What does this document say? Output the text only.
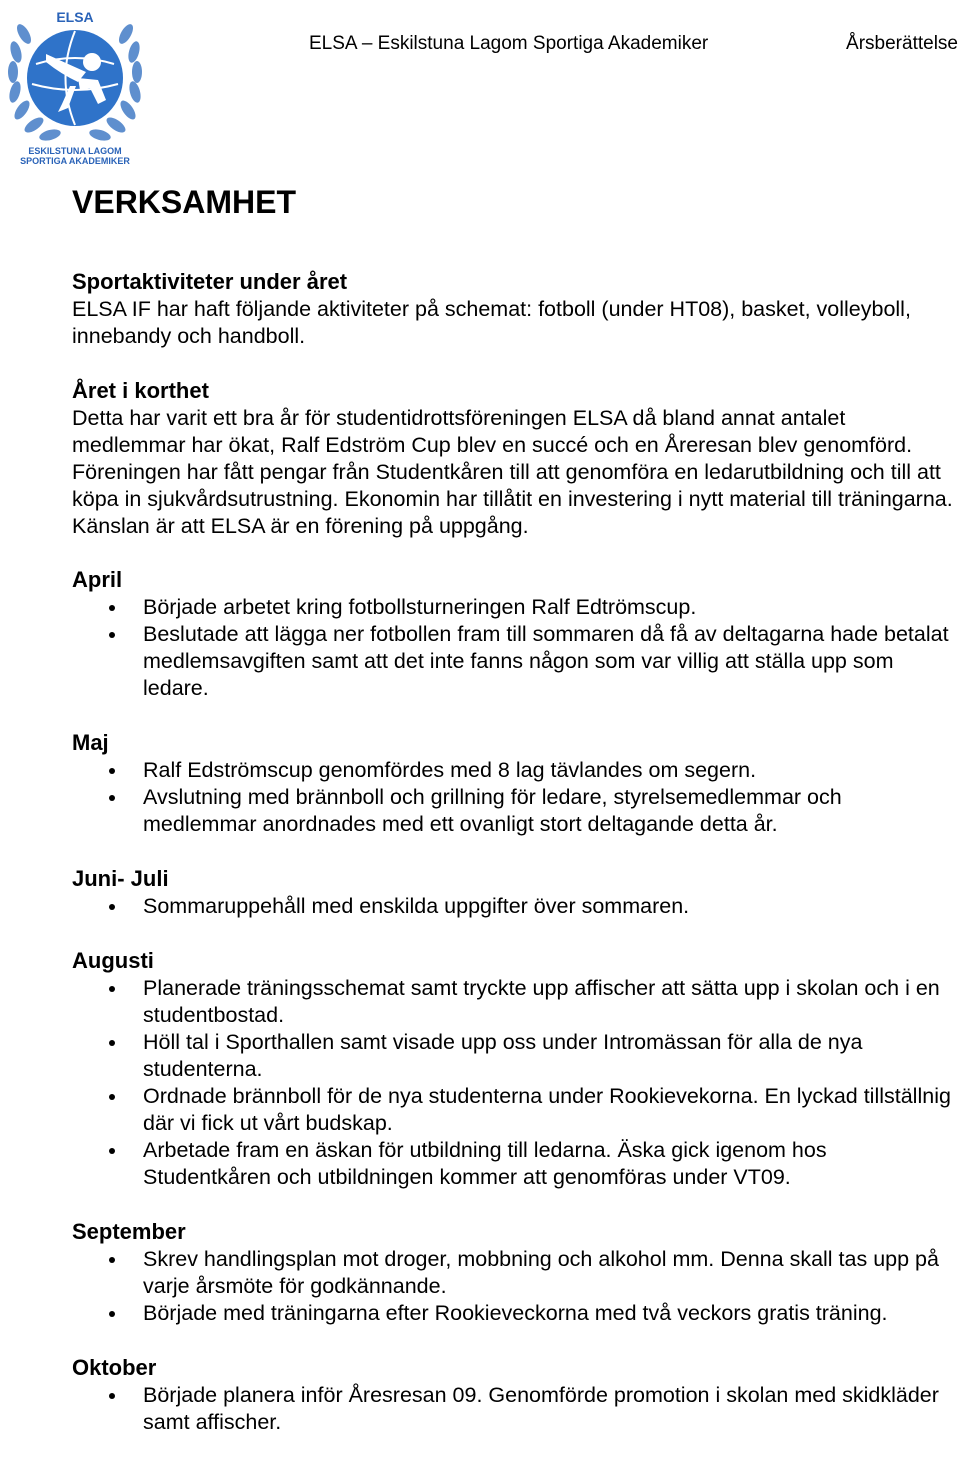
ELSA
ESKILSTUNA LAGOM
SPORTIGA AKADEMIKER
ELSA – Eskilstuna Lagom Sportiga Akademiker	Årsberättelse
VERKSAMHET
Sportaktiviteter under året

ELSA IF har haft följande aktiviteter på schemat: fotboll (under HT08), basket, volleyboll, innebandy och handboll.

Året i korthet

Detta har varit ett bra år för studentidrottsföreningen ELSA då bland annat antalet medlemmar har ökat, Ralf Edström Cup blev en succé och en Åreresan blev genomförd. Föreningen har fått pengar från Studentkåren till att genomföra en ledarutbildning och till att köpa in sjukvårdsutrustning. Ekonomin har tillåtit en investering i nytt material till träningarna. Känslan är att ELSA är en förening på uppgång.

April
Började arbetet kring fotbollsturneringen Ralf Edtrömscup.
Beslutade att lägga ner fotbollen fram till sommaren då få av deltagarna hade betalat medlemsavgiften samt att det inte fanns någon som var villig att ställa upp som ledare.
Maj
Ralf Edströmscup genomfördes med 8 lag tävlandes om segern.
Avslutning med brännboll och grillning för ledare, styrelsemedlemmar och medlemmar anordnades med ett ovanligt stort deltagande detta år.
Juni- Juli
Sommaruppehåll med enskilda uppgifter över sommaren.
Augusti
Planerade träningsschemat samt tryckte upp affischer att sätta upp i skolan och i en studentbostad.
Höll tal i Sporthallen samt visade upp oss under Intromässan för alla de nya studenterna.
Ordnade brännboll för de nya studenterna under Rookievekorna. En lyckad tillställnig där vi fick ut vårt budskap.
Arbetade fram en äskan för utbildning till ledarna. Äska gick igenom hos Studentkåren och utbildningen kommer att genomföras under VT09.
September
Skrev handlingsplan mot droger, mobbning och alkohol mm. Denna skall tas upp på varje årsmöte för godkännande.
Började med träningarna efter Rookieveckorna med två veckors gratis träning.
Oktober
Började planera inför Åresresan 09. Genomförde promotion i skolan med skidkläder samt affischer.
